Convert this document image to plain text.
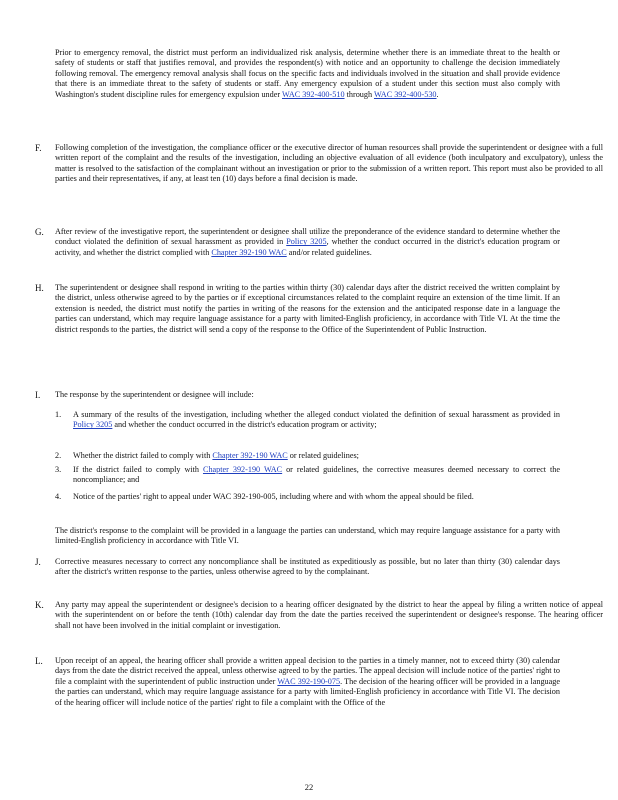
Prior to emergency removal, the district must perform an individualized risk analysis, determine whether there is an immediate threat to the health or safety of students or staff that justifies removal, and provides the respondent(s) with notice and an opportunity to challenge the decision immediately following removal. The emergency removal analysis shall focus on the specific facts and individuals involved in the situation and shall provide evidence that there is an immediate threat to the safety of students or staff. Any emergency expulsion of a student under this section must also comply with Washington's student discipline rules for emergency expulsion under WAC 392-400-510 through WAC 392-400-530.

F. Following completion of the investigation, the compliance officer or the executive director of human resources shall provide the superintendent or designee with a full written report of the complaint and the results of the investigation, including an objective evaluation of all evidence (both inculpatory and exculpatory), unless the matter is resolved to the satisfaction of the complainant without an investigation or prior to the submission of a written report. This report must also be provided to all parties and their representatives, if any, at least ten (10) days before a final decision is made.

G. After review of the investigative report, the superintendent or designee shall utilize the preponderance of the evidence standard to determine whether the conduct violated the definition of sexual harassment as provided in Policy 3205, whether the conduct occurred in the district's education program or activity, and whether the district complied with Chapter 392-190 WAC and/or related guidelines.

H. The superintendent or designee shall respond in writing to the parties within thirty (30) calendar days after the district received the written complaint by the district, unless otherwise agreed to by the parties or if exceptional circumstances related to the complaint require an extension of the time limit. If an extension is needed, the district must notify the parties in writing of the reasons for the extension and the anticipated response date in a language the parties can understand, which may require language assistance for a party with limited-English proficiency, in accordance with Title VI. At the time the district responds to the parties, the district will send a copy of the response to the Office of the Superintendent of Public Instruction.

I. The response by the superintendent or designee will include:

1. A summary of the results of the investigation, including whether the alleged conduct violated the definition of sexual harassment as provided in Policy 3205 and whether the conduct occurred in the district's education program or activity;

2. Whether the district failed to comply with Chapter 392-190 WAC or related guidelines;

3. If the district failed to comply with Chapter 392-190 WAC or related guidelines, the corrective measures deemed necessary to correct the noncompliance; and

4. Notice of the parties' right to appeal under WAC 392-190-005, including where and with whom the appeal should be filed.

The district's response to the complaint will be provided in a language the parties can understand, which may require language assistance for a party with limited-English proficiency in accordance with Title VI.

J. Corrective measures necessary to correct any noncompliance shall be instituted as expeditiously as possible, but no later than thirty (30) calendar days after the district's written response to the parties, unless otherwise agreed to by the complainant.

K. Any party may appeal the superintendent or designee's decision to a hearing officer designated by the district to hear the appeal by filing a written notice of appeal with the superintendent on or before the tenth (10th) calendar day from the date the parties received the superintendent or designee's response. The hearing officer shall not have been involved in the initial complaint or investigation.

L. Upon receipt of an appeal, the hearing officer shall provide a written appeal decision to the parties in a timely manner, not to exceed thirty (30) calendar days from the date the district received the appeal, unless otherwise agreed to by the parties. The appeal decision will include notice of the parties' right to file a complaint with the superintendent of public instruction under WAC 392-190-075. The decision of the hearing officer will be provided in a language the parties can understand, which may require language assistance for a party with limited-English proficiency in accordance with Title VI. The decision of the hearing officer will include notice of the parties' right to file a complaint with the Office of the

22
